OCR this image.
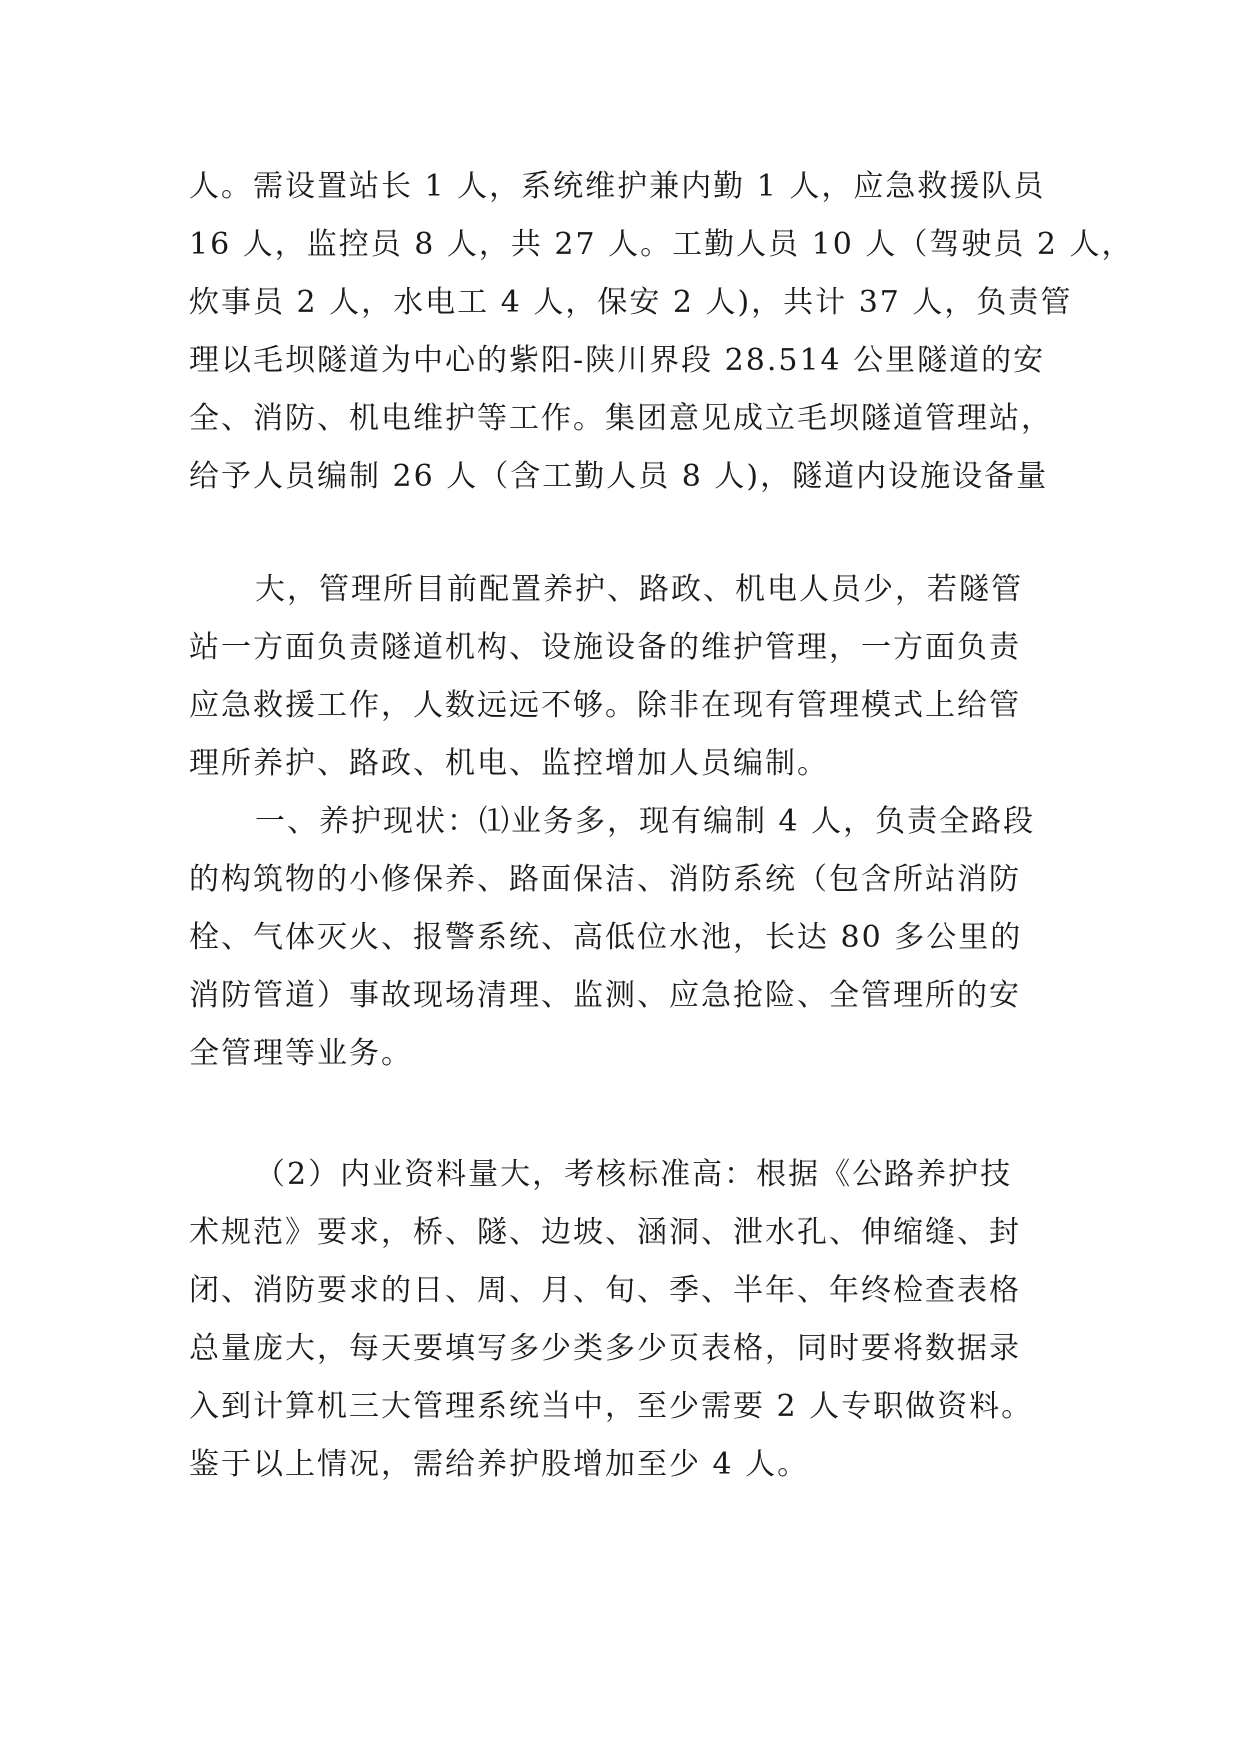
人。需设置站长 1 人，系统维护兼内勤 1 人，应急救援队员
16 人，监控员 8 人，共 27 人。工勤人员 10 人（驾驶员 2 人，
炊事员 2 人，水电工 4 人，保安 2 人)，共计 37 人，负责管
理以毛坝隧道为中心的紫阳-陕川界段 28.514 公里隧道的安
全、消防、机电维护等工作。集团意见成立毛坝隧道管理站，
给予人员编制 26 人（含工勤人员 8 人)，隧道内设施设备量
大，管理所目前配置养护、路政、机电人员少，若隧管
站一方面负责隧道机构、设施设备的维护管理，一方面负责
应急救援工作，人数远远不够。除非在现有管理模式上给管
理所养护、路政、机电、监控增加人员编制。
一、养护现状：⑴业务多，现有编制 4 人，负责全路段
的构筑物的小修保养、路面保洁、消防系统（包含所站消防
栓、气体灭火、报警系统、高低位水池，长达 80 多公里的
消防管道）事故现场清理、监测、应急抢险、全管理所的安
全管理等业务。
（2）内业资料量大，考核标准高：根据《公路养护技
术规范》要求，桥、隧、边坡、涵洞、泄水孔、伸缩缝、封
闭、消防要求的日、周、月、旬、季、半年、年终检查表格
总量庞大，每天要填写多少类多少页表格，同时要将数据录
入到计算机三大管理系统当中，至少需要 2 人专职做资料。
鉴于以上情况，需给养护股增加至少 4 人。
